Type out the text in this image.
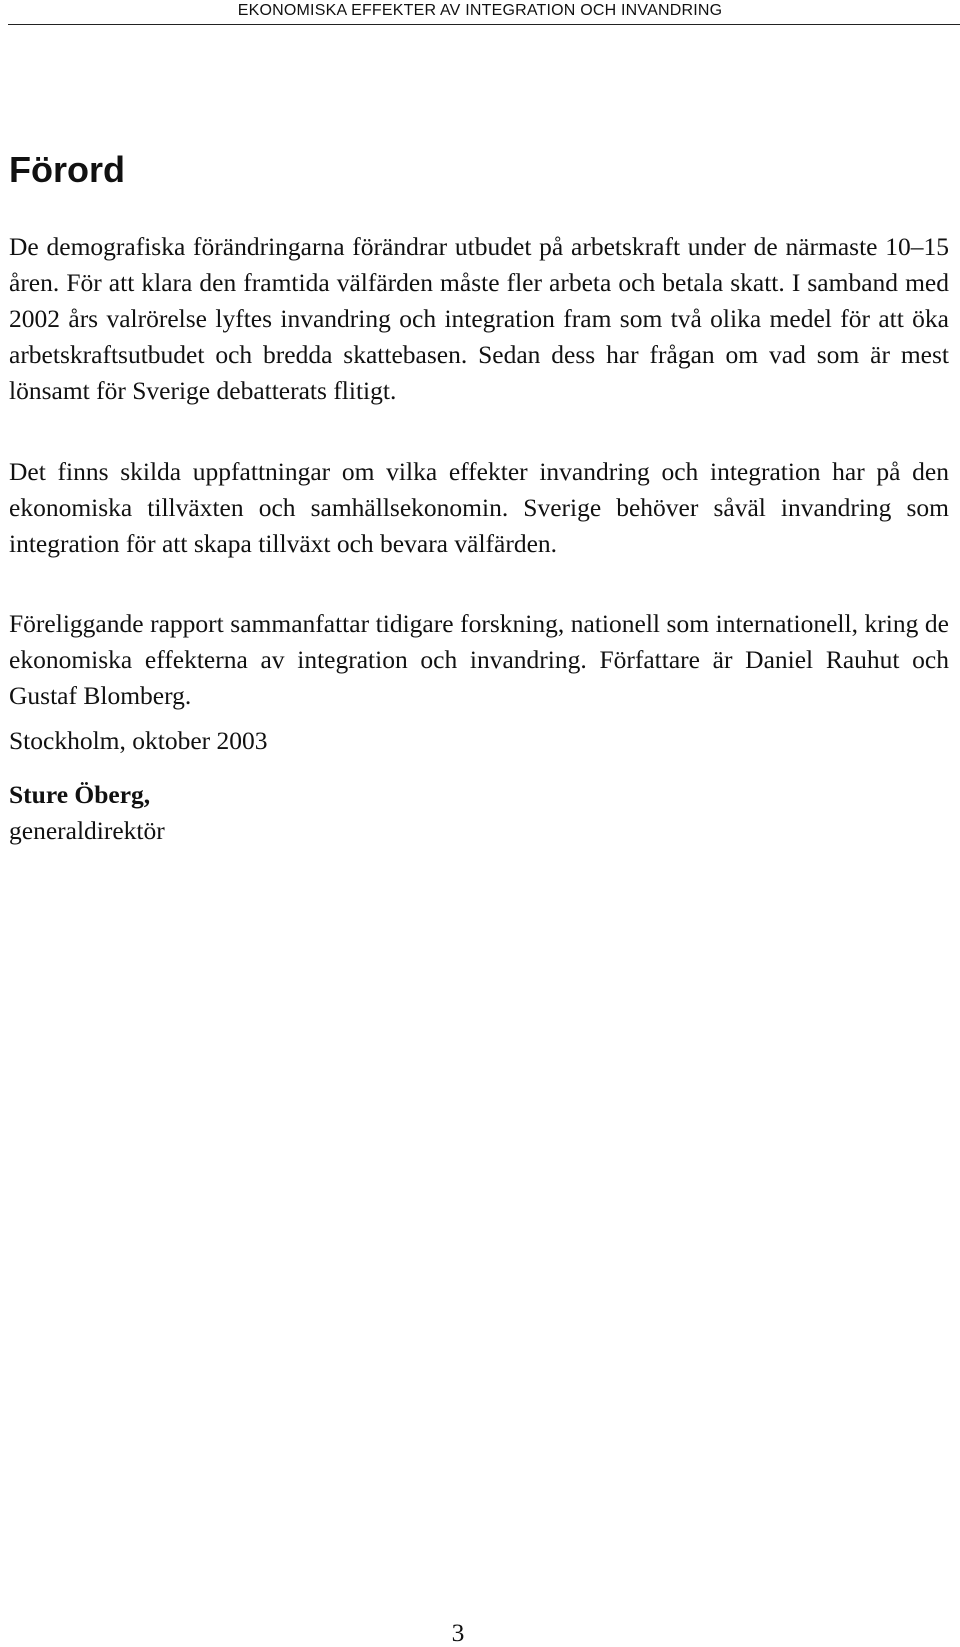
EKONOMISKA EFFEKTER AV INTEGRATION OCH INVANDRING
Förord

De demografiska förändringarna förändrar utbudet på arbetskraft under de närmaste 10–15 åren. För att klara den framtida välfärden måste fler arbeta och betala skatt. I samband med 2002 års valrörelse lyftes invandring och integration fram som två olika medel för att öka arbetskraftsutbudet och bredda skattebasen. Sedan dess har frågan om vad som är mest lönsamt för Sverige debatterats flitigt.

Det finns skilda uppfattningar om vilka effekter invandring och integration har på den ekonomiska tillväxten och samhällsekonomin. Sverige behöver såväl invandring som integration för att skapa tillväxt och bevara välfärden.

Föreliggande rapport sammanfattar tidigare forskning, nationell som internationell, kring de ekonomiska effekterna av integration och invandring. Författare är Daniel Rauhut och Gustaf Blomberg.

Stockholm, oktober 2003
Sture Öberg,
generaldirektör
3
